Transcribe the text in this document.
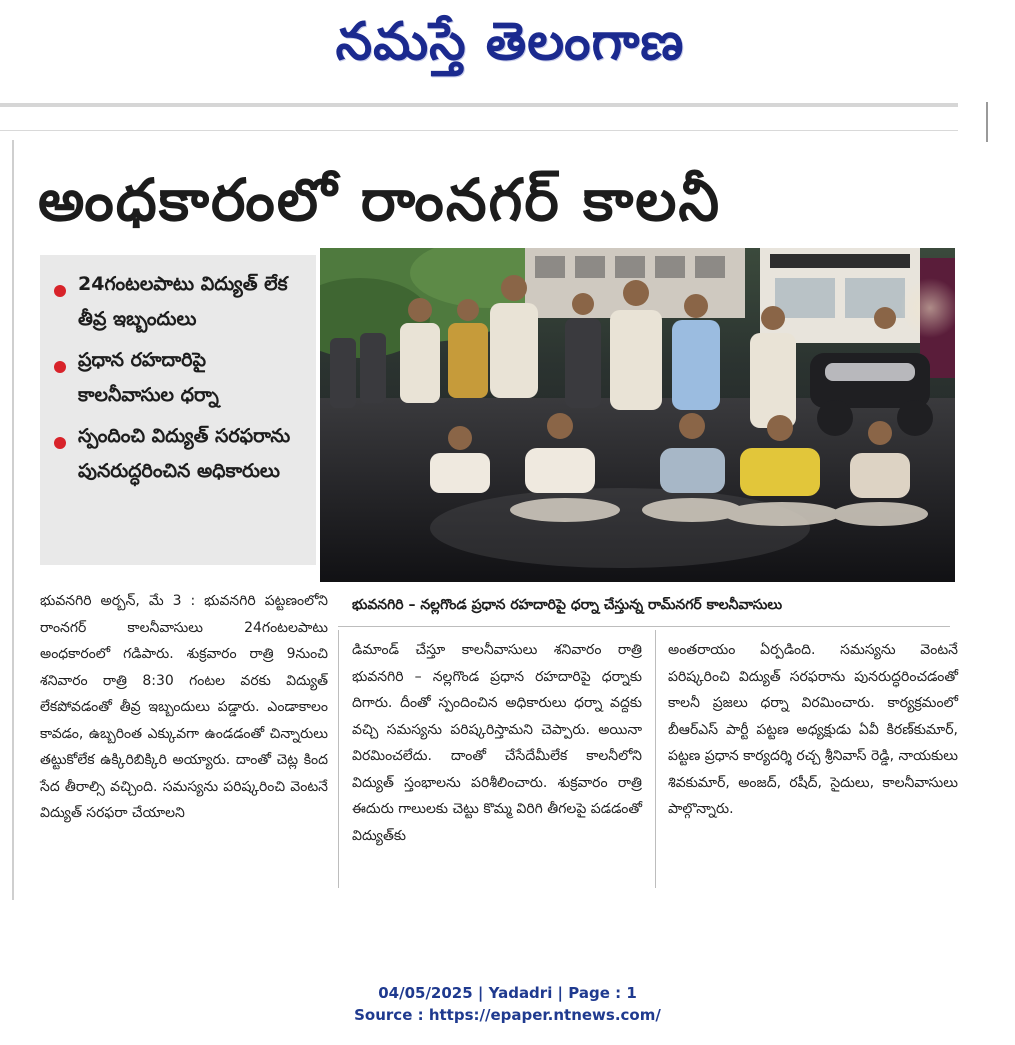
నమస్తే తెలంగాణ
అంధకారంలో రాంనగర్ కాలనీ
24గంటలపాటు విద్యుత్ లేక తీవ్ర ఇబ్బందులు
ప్రధాన రహదారిపై కాలనీవాసుల ధర్నా
స్పందించి విద్యుత్ సరఫరాను పునరుద్ధరించిన అధికారులు
భువనగిరి – నల్లగొండ ప్రధాన రహదారిపై ధర్నా చేస్తున్న రామ్‌నగర్ కాలనీవాసులు

భువనగిరి అర్బన్, మే 3 : భువనగిరి పట్టణంలోని రాంనగర్ కాలనీవాసులు 24గంటలపాటు అంధకారంలో గడిపారు. శుక్రవారం రాత్రి 9నుంచి శనివారం రాత్రి 8:30 గంటల వరకు విద్యుత్ లేకపోవడంతో తీవ్ర ఇబ్బందులు పడ్డారు. ఎండాకాలం కావడం, ఉబ్బరింత ఎక్కువగా ఉండడంతో చిన్నారులు తట్టుకోలేక ఉక్కిరిబిక్కిరి అయ్యారు. దాంతో చెట్ల కింద సేద తీరాల్సి వచ్చింది. సమస్యను పరిష్కరించి వెంటనే విద్యుత్ సరఫరా చేయాలని

డిమాండ్ చేస్తూ కాలనీవాసులు శనివారం రాత్రి భువనగిరి – నల్లగొండ ప్రధాన రహదారిపై ధర్నాకు దిగారు. దీంతో స్పందించిన అధికారులు ధర్నా వద్దకు వచ్చి సమస్యను పరిష్కరిస్తామని చెప్పారు. అయినా విరమించలేదు. దాంతో చేసేదేమీలేక కాలనీలోని విద్యుత్ స్తంభాలను పరిశీలించారు. శుక్రవారం రాత్రి ఈదురు గాలులకు చెట్టు కొమ్మ విరిగి తీగలపై పడడంతో విద్యుత్‌కు

అంతరాయం ఏర్పడింది. సమస్యను వెంటనే పరిష్కరించి విద్యుత్ సరఫరాను పునరుద్ధరించడంతో కాలనీ ప్రజలు ధర్నా విరమించారు. కార్యక్రమంలో బీఆర్ఎస్ పార్టీ పట్టణ అధ్యక్షుడు ఏవీ కిరణ్‌కుమార్, పట్టణ ప్రధాన కార్యదర్శి రచ్చ శ్రీనివాస్ రెడ్డి, నాయకులు శివకుమార్, అంజద్, రషీద్, సైదులు, కాలనీవాసులు పాల్గొన్నారు.

04/05/2025 | Yadadri | Page : 1
Source : https://epaper.ntnews.com/
